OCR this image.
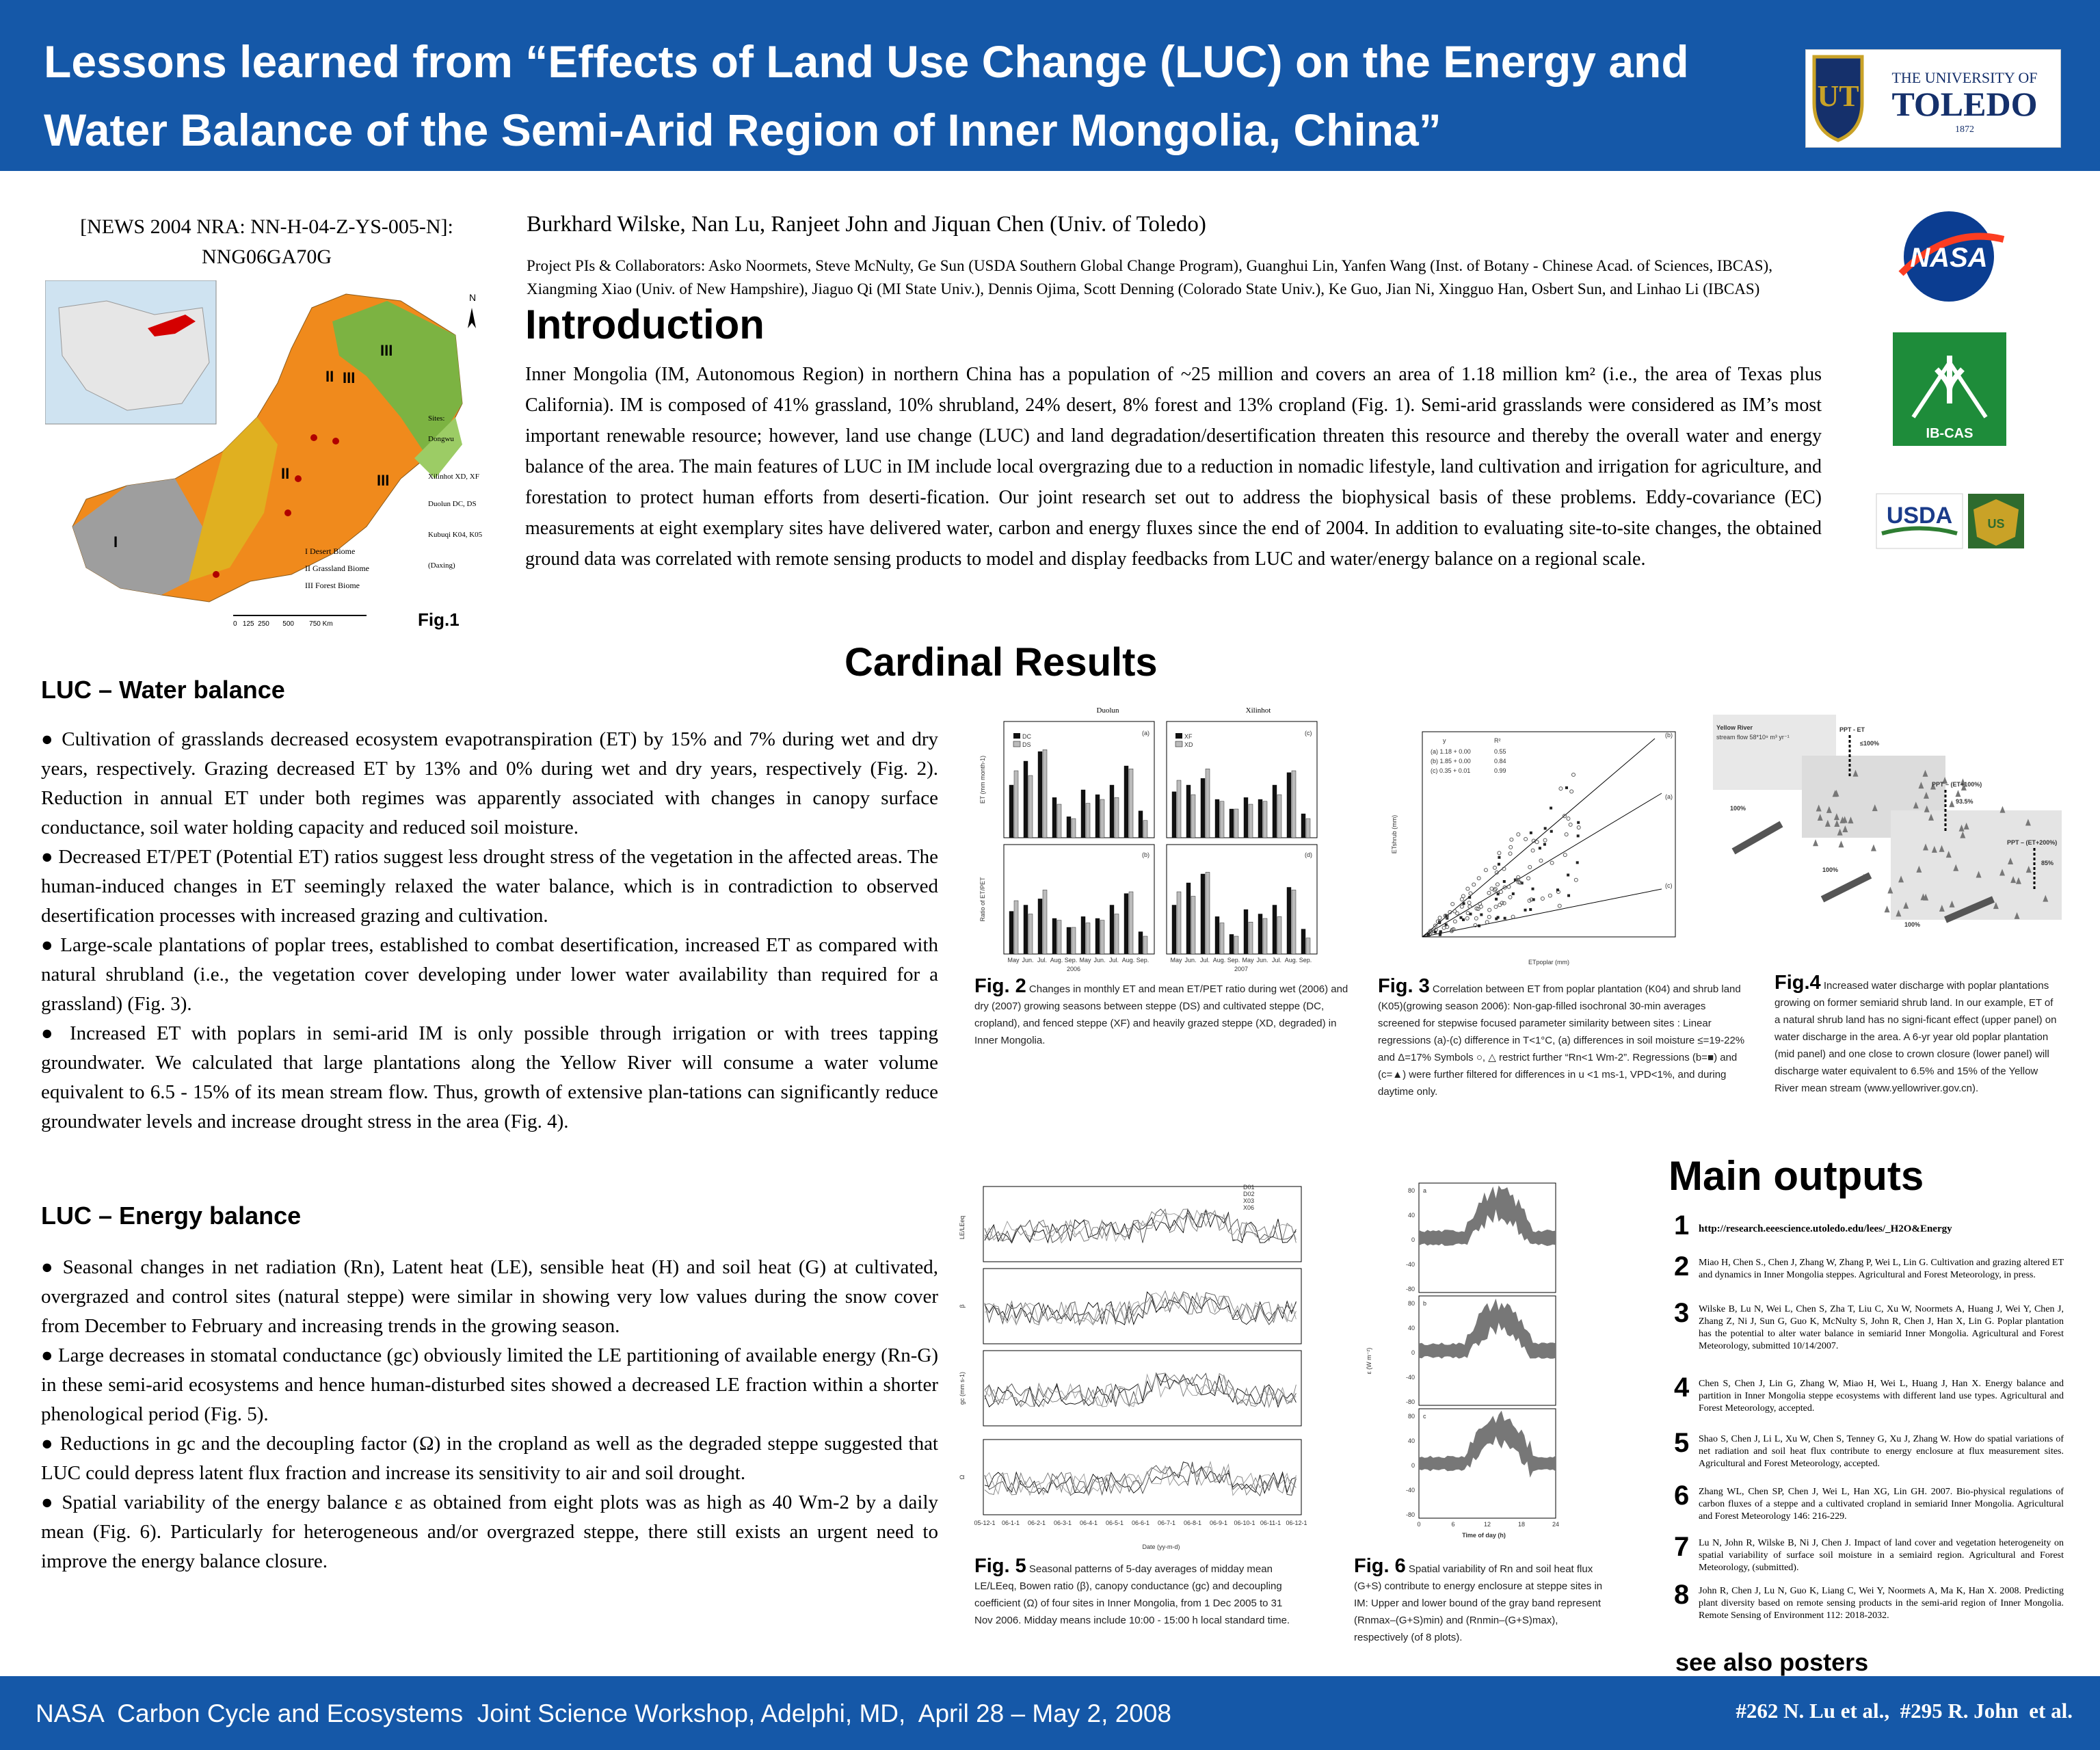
Lessons learned from “Effects of Land Use Change (LUC) on the Energy and Water Balance of the Semi-Arid Region of Inner Mongolia, China”
UT
THE UNIVERSITY OF
TOLEDO
1872
[NEWS 2004 NRA: NN-H-04-Z-YS-005-N]:
NNG06GA70G
Burkhard Wilske, Nan Lu, Ranjeet John and Jiquan Chen (Univ. of Toledo)
Project PIs & Collaborators: Asko Noormets, Steve McNulty, Ge Sun (USDA Southern Global Change Program), Guanghui Lin, Yanfen Wang (Inst. of Botany - Chinese Acad. of Sciences, IBCAS), Xiangming Xiao (Univ. of New Hampshire), Jiaguo Qi (MI State Univ.), Dennis Ojima, Scott Denning (Colorado State Univ.), Ke Guo, Jian Ni, Xingguo Han, Osbert Sun, and Linhao Li (IBCAS)
III
II
III
II	III
I
N
Sites:
Dongwu
Xilinhot XD, XF
Duolun DC, DS
Kubuqi K04, K05
(Daxing)
I Desert Biome
II Grassland Biome
III Forest Biome
0   125  250       500        750 Km	Fig.1
Introduction
Inner Mongolia (IM, Autonomous Region) in northern China has a population of ~25 million and covers an area of 1.18 million km² (i.e., the area of Texas plus California). IM is composed of 41% grassland, 10% shrubland, 24% desert, 8% forest and 13% cropland (Fig. 1). Semi-arid grasslands were considered as IM’s most important renewable resource; however, land use change (LUC) and land degradation/desertification threaten this resource and thereby the overall water and energy balance of the area. The main features of LUC in IM include local overgrazing due to a reduction in nomadic lifestyle, land cultivation and irrigation for agriculture, and forestation to protect human efforts from deserti-fication. Our joint research set out to address the biophysical basis of these problems. Eddy-covariance (EC) measurements at eight exemplary sites have delivered water, carbon and energy fluxes since the end of 2004. In addition to evaluating site-to-site changes, the obtained ground data was correlated with remote sensing products to model and display feedbacks from LUC and water/energy balance on a regional scale.
NASA
IB-CAS
USDA	US
Cardinal Results
LUC – Water balance
● Cultivation of grasslands decreased ecosystem evapotranspiration (ET) by 15% and 7% during wet and dry years, respectively. Grazing decreased ET by 13% and 0% during wet and dry years, respectively (Fig. 2). Reduction in annual ET under both regimes was apparently associated with changes in canopy surface conductance, soil water holding capacity and reduced soil moisture.
● Decreased ET/PET (Potential ET) ratios suggest less drought stress of the vegetation in the affected areas. The human-induced changes in ET seemingly relaxed the water balance, which is in contradiction to observed desertification processes with increased grazing and cultivation.
● Large-scale plantations of poplar trees, established to combat desertification, increased ET as compared with natural shrubland (i.e., the vegetation cover developing under lower water availability than required for a grassland) (Fig. 3).
● Increased ET with poplars in semi-arid IM is only possible through irrigation or with trees tapping groundwater. We calculated that large plantations along the Yellow River will consume a water volume equivalent to 6.5 - 15% of its mean stream flow. Thus, growth of extensive plan-tations can significantly reduce groundwater levels and increase drought stress in the area (Fig. 4).
LUC – Energy balance
● Seasonal changes in net radiation (Rn), Latent heat (LE), sensible heat (H) and soil heat (G) at cultivated, overgrazed and control sites (natural steppe) were similar in showing very low values during the snow cover from December to February and increasing trends in the growing season.
● Large decreases in stomatal conductance (gc) obviously limited the LE partitioning of available energy (Rn-G) in these semi-arid ecosystems and hence human-disturbed sites showed a decreased LE fraction within a shorter phenological period (Fig. 5).
● Reductions in gc and the decoupling factor (Ω) in the cropland as well as the degraded steppe suggested that LUC could depress latent flux fraction and increase its sensitivity to air and soil drought.
● Spatial variability of the energy balance ε as obtained from eight plots was as high as 40 Wm-2 by a daily mean (Fig. 6). Particularly for heterogeneous and/or overgrazed steppe, there still exists an urgent need to improve the energy balance closure.
Duolun	Xilinhot
(a)	(c)
(b)	(d)
DC
DS
XF
XD
ET (mm month-1)
Ratio of ET/PET
2006	2007
May	May
Jun.	Jun.
Jul.	Jul.
Aug.	Aug.
Sep.	Sep.
May	May
Jun.	Jun.
Jul.	Jul.
Aug.	Aug.
Sep.	Sep.
Fig. 2 Changes in monthly ET and mean ET/PET ratio during wet (2006) and dry (2007) growing seasons between steppe (DS) and cultivated steppe (DC, cropland), and fenced steppe (XF) and heavily grazed steppe (XD, degraded) in Inner Mongolia.
(b)
(a)
(c)
y	R²
(a) 1.18 + 0.00	0.55
(b) 1.85 + 0.00	0.84
(c) 0.35 + 0.01	0.99
ETpoplar (mm)
ETshrub (mm)
Fig. 3 Correlation between ET from poplar plantation (K04) and shrub land (K05)(growing season 2006): Non-gap-filled isochronal 30-min averages screened for stepwise focused parameter similarity between sites : Linear regressions (a)-(c) difference in T<1°C, (a) differences in soil moisture ≤=19-22% and Δ=17% Symbols ○, △ restrict further “Rn<1 Wm-2”. Regressions (b=■) and (c=▲) were further filtered for differences in u <1 ms-1, VPD<1%, and during daytime only.
Yellow River
stream flow 58*10⁹ m³ yr⁻¹
PPT - ET
≤100%
PPT – (ET+100%)
93.5%
PPT – (ET+200%)
85%
100%
100%
100%
Fig.4 Increased water discharge with poplar plantations growing on former semiarid shrub land. In our example, ET of a natural shrub land has no signi-ficant effect (upper panel) on water discharge in the area. A 6-yr year old poplar plantation (mid panel) and one close to crown closure (lower panel) will discharge water equivalent to 6.5% and 15% of the Yellow River mean stream (www.yellowriver.gov.cn).
Date (yy-m-d)
D01
D02
X03
X06
LE/LEeq
β
gc (mm s-1)
Ω
05-12-1 06-1-1 06-2-1 06-3-1 06-4-1 06-5-1 06-6-1 06-7-1 06-8-1 06-9-1 06-10-1 06-11-1 06-12-1
Fig. 5 Seasonal patterns of 5-day averages of midday mean LE/LEeq, Bowen ratio (β), canopy conductance (gc) and decoupling coefficient (Ω) of four sites in Inner Mongolia, from 1 Dec 2005 to 31 Nov 2006. Midday means include 10:00 - 15:00 h local standard time.
a
80
40
0
-40
-80
b
80
40
0
-40
-80
c
80
40
0
-40
-80
0	6	12	18	24
Time of day (h)
ε (W m⁻²)
Fig. 6 Spatial variability of Rn and soil heat flux (G+S) contribute to energy enclosure at steppe sites in IM: Upper and lower bound of the gray band represent (Rnmax–(G+S)min) and (Rnmin–(G+S)max), respectively (of 8 plots).
Main outputs
1 http://research.eeescience.utoledo.edu/lees/_H2O&Energy
2 Miao H, Chen S., Chen J, Zhang W, Zhang P, Wei L, Lin G. Cultivation and grazing altered ET and dynamics in Inner Mongolia steppes. Agricultural and Forest Meteorology, in press.
3 Wilske B, Lu N, Wei L, Chen S, Zha T, Liu C, Xu W, Noormets A, Huang J, Wei Y, Chen J, Zhang Z, Ni J, Sun G, Guo K, McNulty S, John R, Chen J, Han X, Lin G. Poplar plantation has the potential to alter water balance in semiarid Inner Mongolia. Agricultural and Forest Meteorology, submitted 10/14/2007.
4 Chen S, Chen J, Lin G, Zhang W, Miao H, Wei L, Huang J, Han X. Energy balance and partition in Inner Mongolia steppe ecosystems with different land use types. Agricultural and Forest Meteorology, accepted.
5 Shao S, Chen J, Li L, Xu W, Chen S, Tenney G, Xu J, Zhang W. How do spatial variations of net radiation and soil heat flux contribute to energy enclosure at flux measurement sites. Agricultural and Forest Meteorology, accepted.
6 Zhang WL, Chen SP, Chen J, Wei L, Han XG, Lin GH. 2007. Bio-physical regulations of carbon fluxes of a steppe and a cultivated cropland in semiarid Inner Mongolia. Agricultural and Forest Meteorology 146: 216-229.
7 Lu N, John R, Wilske B, Ni J, Chen J. Impact of land cover and vegetation heterogeneity on spatial variability of surface soil moisture in a semiaird region. Agricultural and Forest Meteorology, (submitted).
8 John R, Chen J, Lu N, Guo K, Liang C, Wei Y, Noormets A, Ma K, Han X. 2008. Predicting plant diversity based on remote sensing products in the semi-arid region of Inner Mongolia. Remote Sensing of Environment 112: 2018-2032.
see also posters
NASA  Carbon Cycle and Ecosystems  Joint Science Workshop, Adelphi, MD,  April 28 – May 2, 2008	#262 N. Lu et al.,  #295 R. John  et al.
